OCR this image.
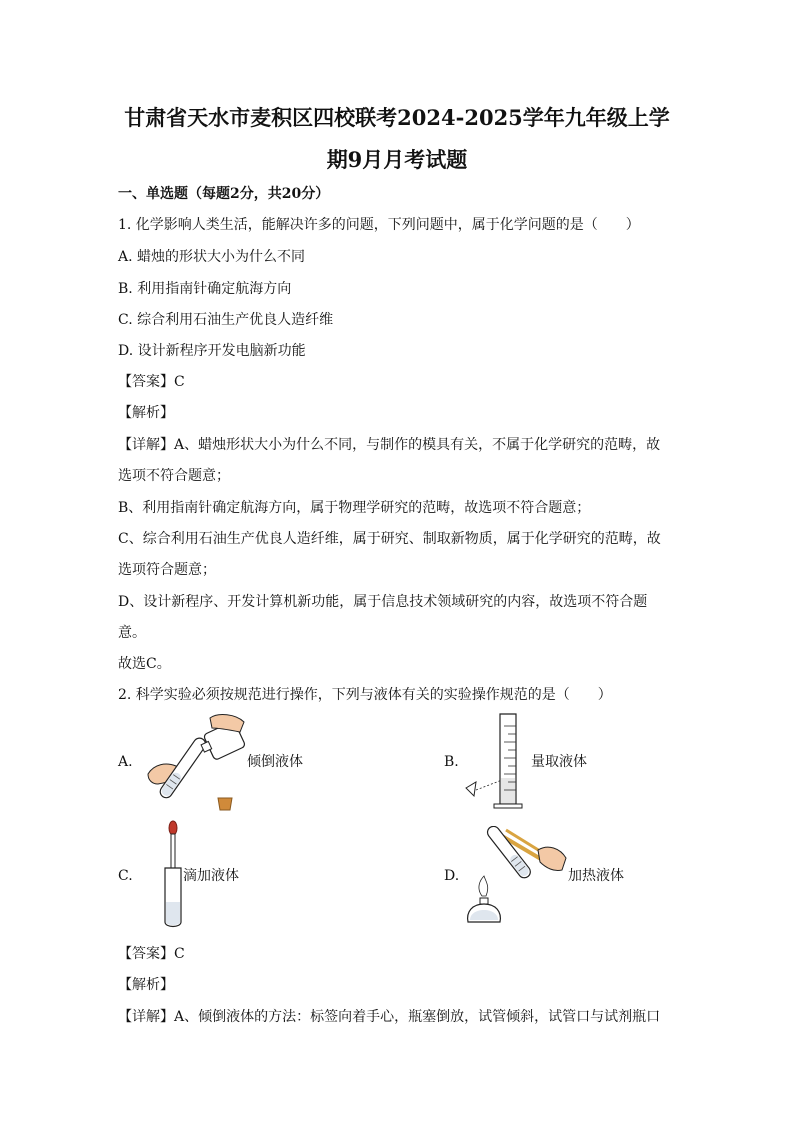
甘肃省天水市麦积区四校联考2024-2025学年九年级上学
期9月月考试题
一、单选题（每题2分，共20分）
1. 化学影响人类生活，能解决许多的问题，下列问题中，属于化学问题的是（　　）
A. 蜡烛的形状大小为什么不同
B. 利用指南针确定航海方向
C. 综合利用石油生产优良人造纤维
D. 设计新程序开发电脑新功能
【答案】C
【解析】
【详解】A、蜡烛形状大小为什么不同，与制作的模具有关，不属于化学研究的范畴，故
选项不符合题意；
B、利用指南针确定航海方向，属于物理学研究的范畴，故选项不符合题意；
C、综合利用石油生产优良人造纤维，属于研究、制取新物质，属于化学研究的范畴，故
选项符合题意；
D、设计新程序、开发计算机新功能，属于信息技术领域研究的内容，故选项不符合题
意。
故选C。
2. 科学实验必须按规范进行操作，下列与液体有关的实验操作规范的是（　　）
A.	倾倒液体	B.	量取液体
C.	滴加液体	D.	加热液体
【答案】C
【解析】
【详解】A、倾倒液体的方法：标签向着手心，瓶塞倒放，试管倾斜，试管口与试剂瓶口
